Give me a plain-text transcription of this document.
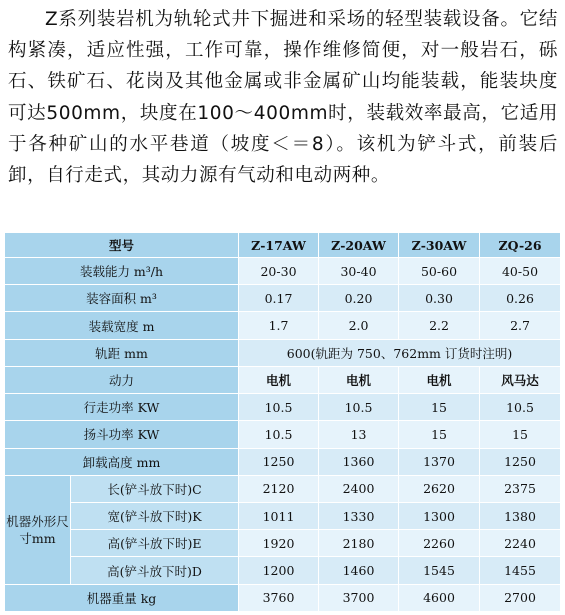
Z系列装岩机为轨轮式井下掘进和采场的轻型装载设备。它结构紧凑，适应性强，工作可靠，操作维修简便，对一般岩石，砾石、铁矿石、花岗及其他金属或非金属矿山均能装载，能装块度可达500mm，块度在100～400mm时，装载效率最高，它适用于各种矿山的水平巷道（坡度＜＝8）。该机为铲斗式，前装后卸，自行走式，其动力源有气动和电动两种。

型号		Z-17AW	Z-20AW	Z-30AW	ZQ-26
装载能力 m³/h		20-30	30-40	50-60	40-50
装容面积 m³		0.17	0.20	0.30	0.26
装载宽度 m		1.7	2.0	2.2	2.7
轨距 mm		600(轨距为 750、762mm 订货时注明)			
动力		电机	电机	电机	风马达
行走功率 KW		10.5	10.5	15	10.5
扬斗功率 KW		10.5	13	15	15
卸载高度 mm		1250	1360	1370	1250
机器外形尺寸mm	长(铲斗放下时)C	2120	2400	2620	2375
	宽(铲斗放下时)K	1011	1330	1300	1380
	高(铲斗放下时)E	1920	2180	2260	2240
	高(铲斗放下时)D	1200	1460	1545	1455
机器重量 kg		3760	3700	4600	2700
